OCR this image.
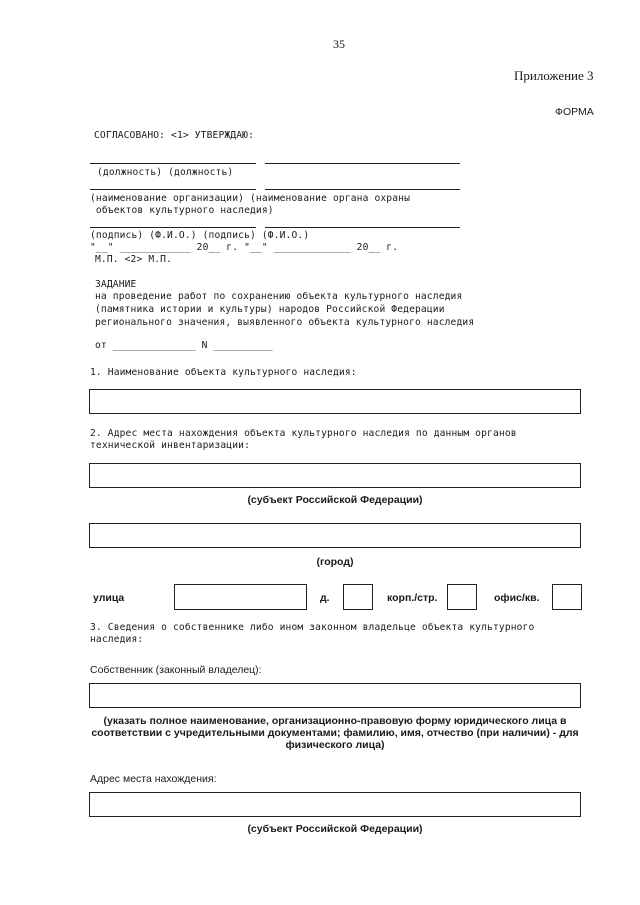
35
Приложение 3
ФОРМА
СОГЛАСОВАНО: <1> УТВЕРЖДАЮ:
(должность) (должность)
(наименование организации) (наименование органа охраны
объектов культурного наследия)
(подпись) (Ф.И.О.) (подпись) (Ф.И.О.)
"__" ____________ 20__ г. "__" _____________ 20__ г.
М.П. <2> М.П.
ЗАДАНИЕ
на проведение работ по сохранению объекта культурного наследия
(памятника истории и культуры) народов Российской Федерации
регионального значения, выявленного объекта культурного наследия
от ______________ N __________
1. Наименование объекта культурного наследия:
2. Адрес места нахождения объекта культурного наследия по данным органов
технической инвентаризации:
(субъект Российской Федерации)
(город)
улица	д.	корп./стр.	офис/кв.
3. Сведения о собственнике либо ином законном владельце объекта культурного
наследия:
Собственник (законный владелец):
(указать полное наименование, организационно-правовую форму юридического лица в
соответствии с учредительными документами; фамилию, имя, отчество (при наличии) - для
физического лица)
Адрес места нахождения:
(субъект Российской Федерации)
